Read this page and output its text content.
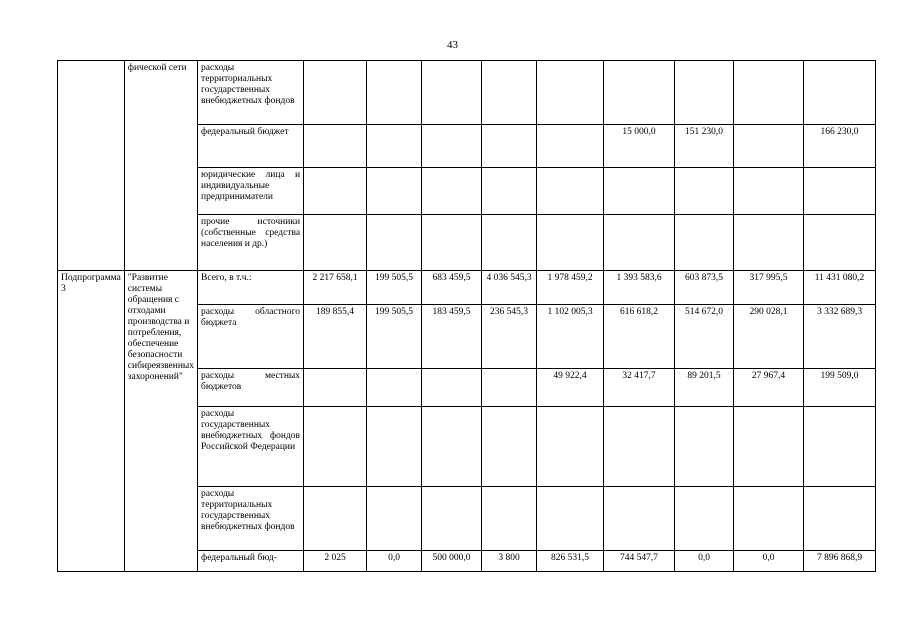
43
	фической сети	расходы территориальных государственных внебюджетных фондов									
		федеральный бюджет						15 000,0	151 230,0		166 230,0
		юридические лица и индивидуальные предприниматели									
		прочие источники (собственные средства населения и др.)									
Подпрограмма 3	"Развитие системы обращения с отходами производства и потребления, обеспечение безопасности сибиреязвенных захоронений"	Всего, в т.ч.:	2 217 658,1	199 505,5	683 459,5	4 036 545,3	1 978 459,2	1 393 583,6	603 873,5	317 995,5	11 431 080,2
		расходы областного бюджета	189 855,4	199 505,5	183 459,5	236 545,3	1 102 005,3	616 618,2	514 672,0	290 028,1	3 332 689,3
		расходы местных бюджетов					49 922,4	32 417,7	89 201,5	27 967,4	199 509,0
		расходы государственных внебюджетных фондов Российской Федерации									
		расходы территориальных государственных внебюджетных фондов									
		федеральный бюд-	2 025	0,0	500 000,0	3 800	826 531,5	744 547,7	0,0	0,0	7 896 868,9
